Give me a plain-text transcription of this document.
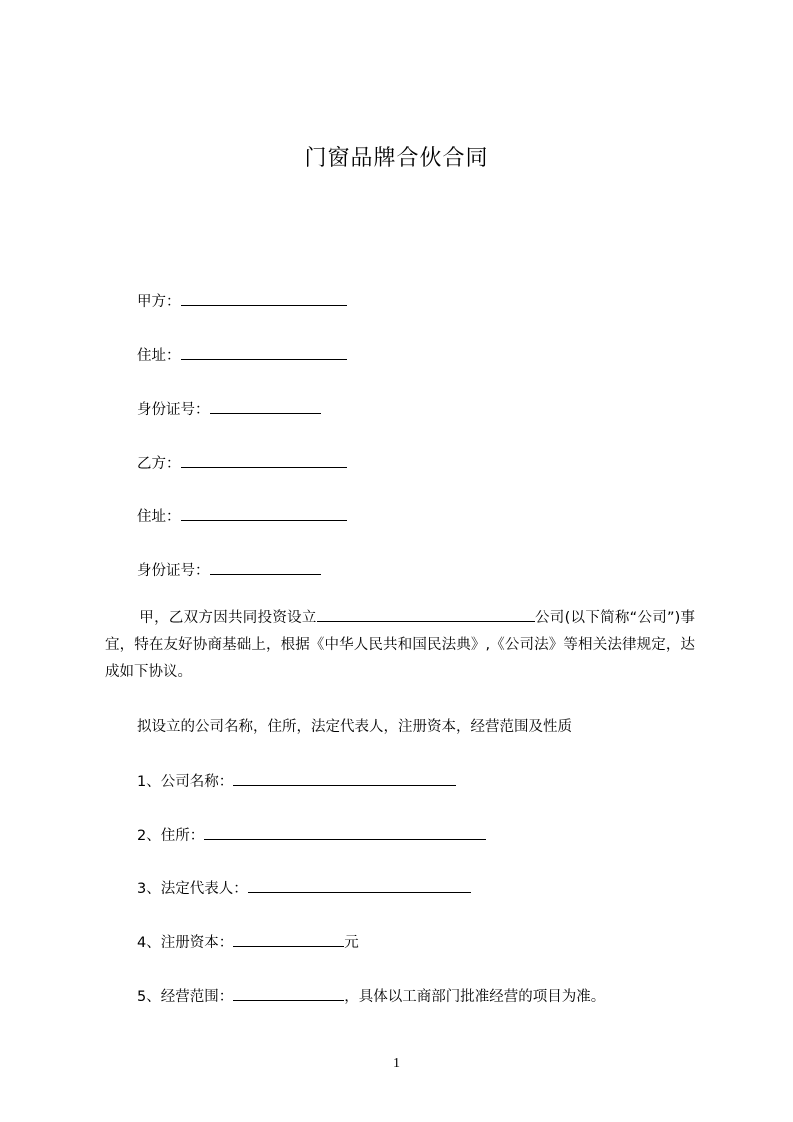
门窗品牌合伙合同
甲方：
住址：
身份证号：
乙方：
住址：
身份证号：
甲，乙双方因共同投资设立	公司(以下简称“公司”)事宜，特在友好协商基础上，根据《中华人民共和国民法典》,《公司法》等相关法律规定，达成如下协议。
拟设立的公司名称，住所，法定代表人，注册资本，经营范围及性质
1、公司名称：
2、住所：
3、法定代表人：
4、注册资本：	元
5、经营范围：	，具体以工商部门批准经营的项目为准。
1
